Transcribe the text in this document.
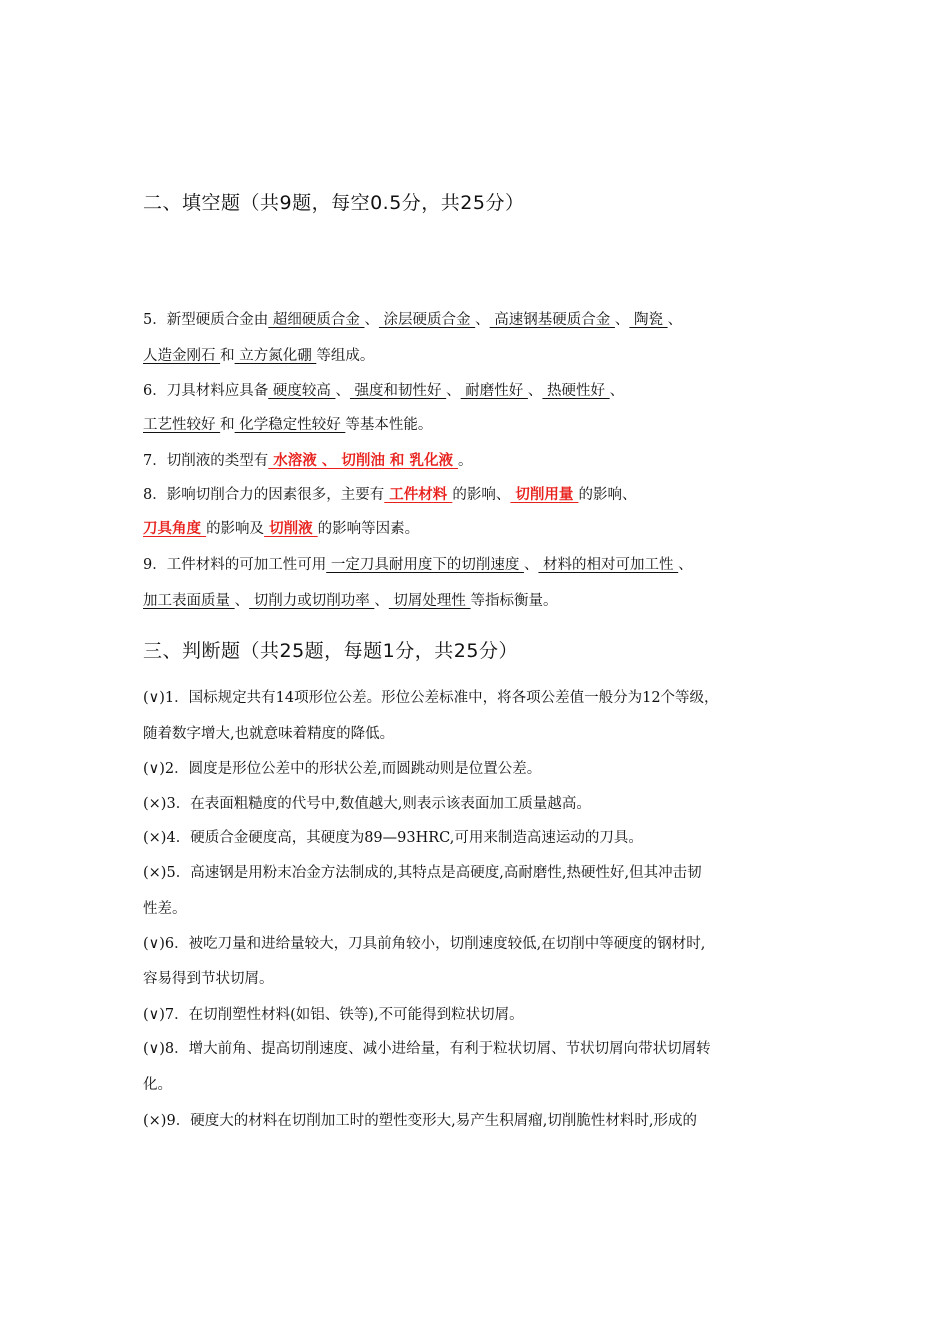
二、填空题（共9题，每空0.5分，共25分）
5．新型硬质合金由 超细硬质合金 、 涂层硬质合金 、 高速钢基硬质合金 、 陶瓷 、
人造金刚石 和 立方氮化硼 等组成。
6．刀具材料应具备 硬度较高 、 强度和韧性好 、 耐磨性好 、 热硬性好 、
工艺性较好 和 化学稳定性较好 等基本性能。
7．切削液的类型有 水溶液 、 切削油 和 乳化液 。
8．影响切削合力的因素很多，主要有 工件材料 的影响、 切削用量 的影响、
刀具角度 的影响及 切削液 的影响等因素。
9．工件材料的可加工性可用 一定刀具耐用度下的切削速度 、 材料的相对可加工性 、
加工表面质量 、 切削力或切削功率 、 切屑处理性 等指标衡量。
三、判断题（共25题，每题1分，共25分）
(∨)1．国标规定共有14项形位公差。形位公差标准中，将各项公差值一般分为12个等级，
随着数字增大,也就意味着精度的降低。
(∨)2．圆度是形位公差中的形状公差,而圆跳动则是位置公差。
(×)3．在表面粗糙度的代号中,数值越大,则表示该表面加工质量越高。
(×)4．硬质合金硬度高，其硬度为89—93HRC,可用来制造高速运动的刀具。
(×)5．高速钢是用粉末冶金方法制成的,其特点是高硬度,高耐磨性,热硬性好,但其冲击韧
性差。
(∨)6．被吃刀量和进给量较大，刀具前角较小，切削速度较低,在切削中等硬度的钢材时,
容易得到节状切屑。
(∨)7．在切削塑性材料(如铝、铁等),不可能得到粒状切屑。
(∨)8．增大前角、提高切削速度、减小进给量，有利于粒状切屑、节状切屑向带状切屑转
化。
(×)9．硬度大的材料在切削加工时的塑性变形大,易产生积屑瘤,切削脆性材料时,形成的
